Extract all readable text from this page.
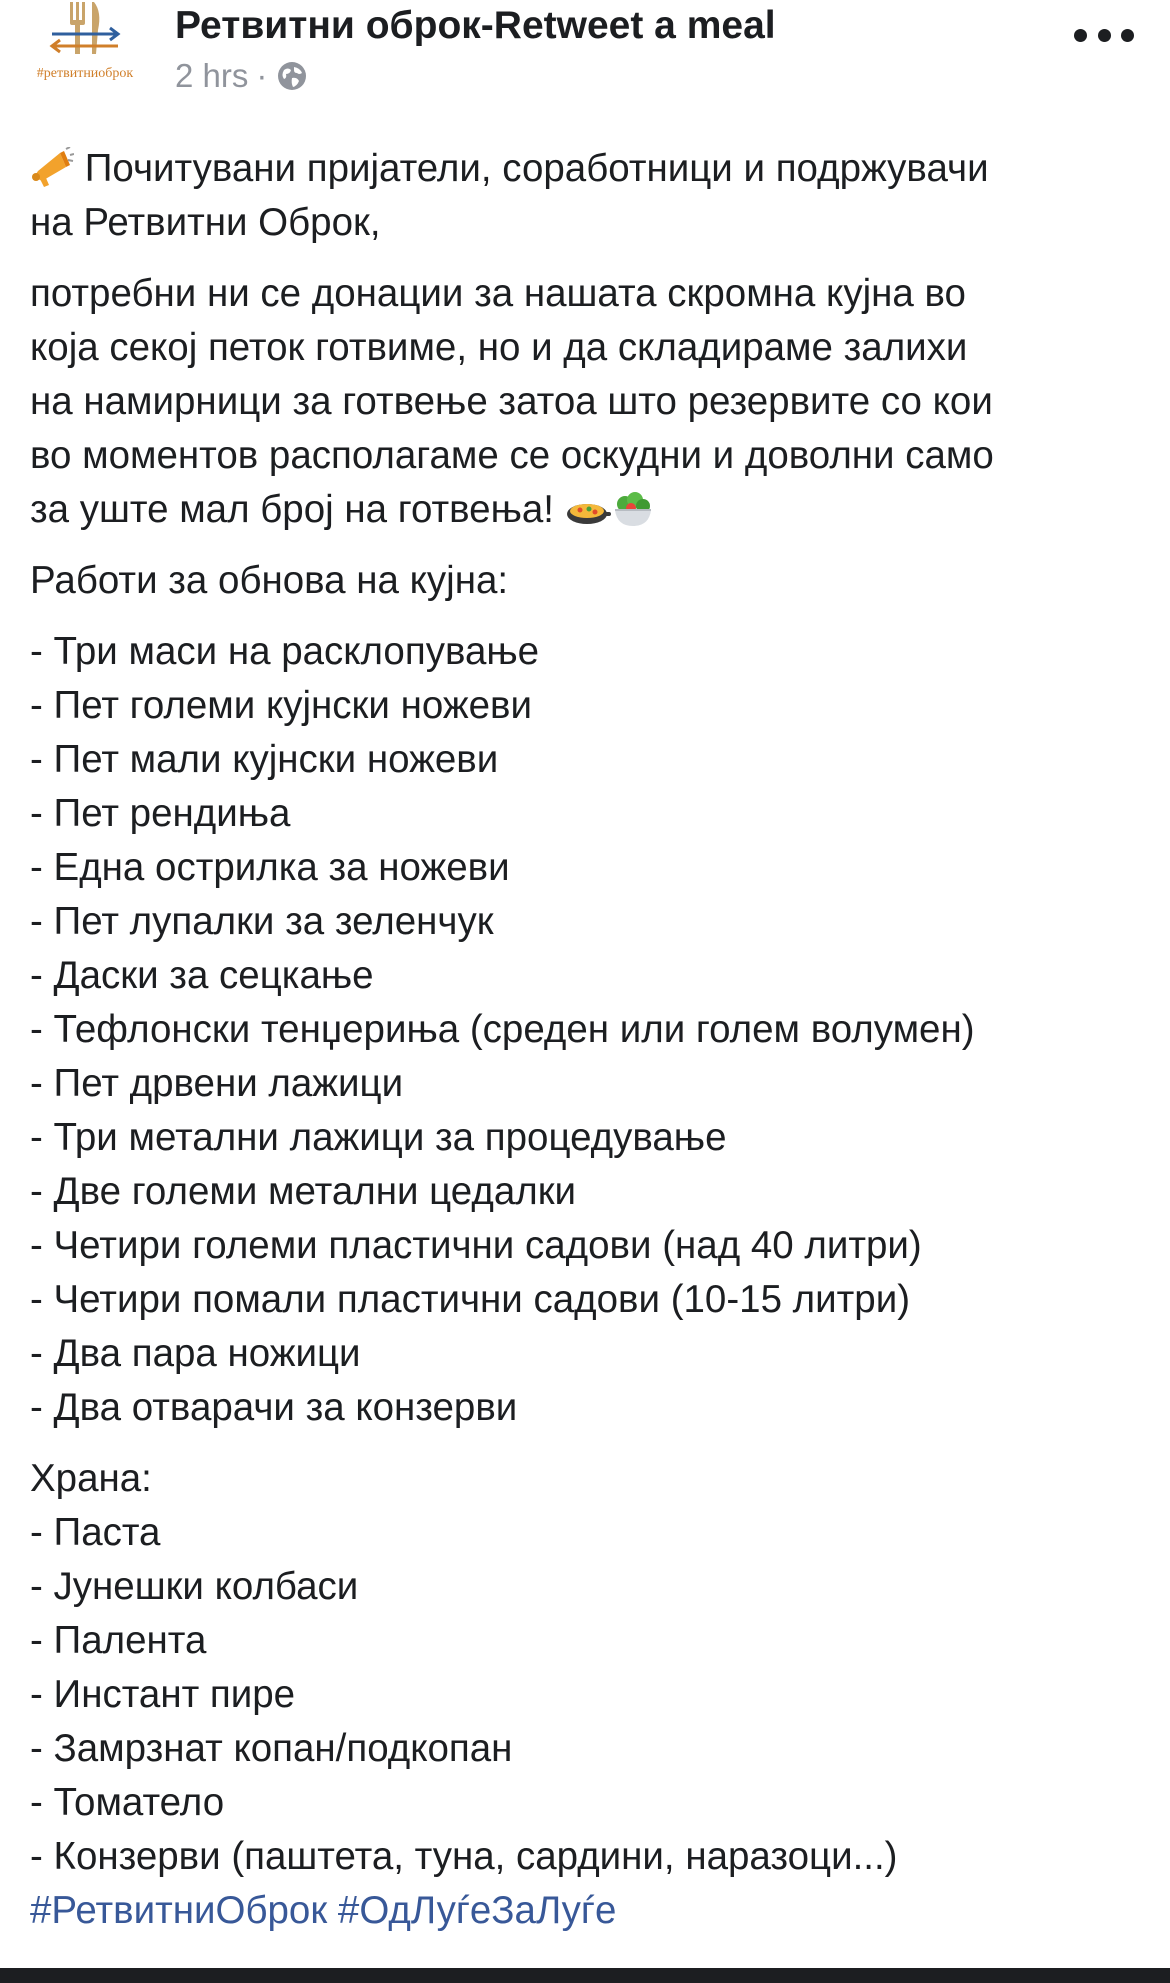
#ретвитниоброк
Ретвитни оброк-Retweet a meal
2 hrs ·

Почитувани пријатели, соработници и подржувачи
на Ретвитни Оброк,

потребни ни се донации за нашата скромна кујна во
која секој петок готвиме, но и да складираме залихи
на намирници за готвење затоа што резервите со кои
во моментов располагаме се оскудни и доволни само
за уште мал број на готвења!

Работи за обнова на кујна:

- Три маси на расклопување
- Пет големи кујнски ножеви
- Пет мали кујнски ножеви
- Пет рендиња
- Една острилка за ножеви
- Пет лупалки за зеленчук
- Даски за сецкање
- Тефлонски тенџериња (среден или голем волумен)
- Пет дрвени лажици
- Три метални лажици за процедување
- Две големи метални цедалки
- Четири големи пластични садови (над 40 литри)
- Четири помали пластични садови (10-15 литри)
- Два пара ножици
- Два отварачи за конзерви
Храна:
- Паста
- Јунешки колбаси
- Палента
- Инстант пире
- Замрзнат копан/подкопан
- Томатело
- Конзерви (паштета, туна, сардини, наразоци...)

#РетвитниОброк #ОдЛуѓеЗаЛуѓе
